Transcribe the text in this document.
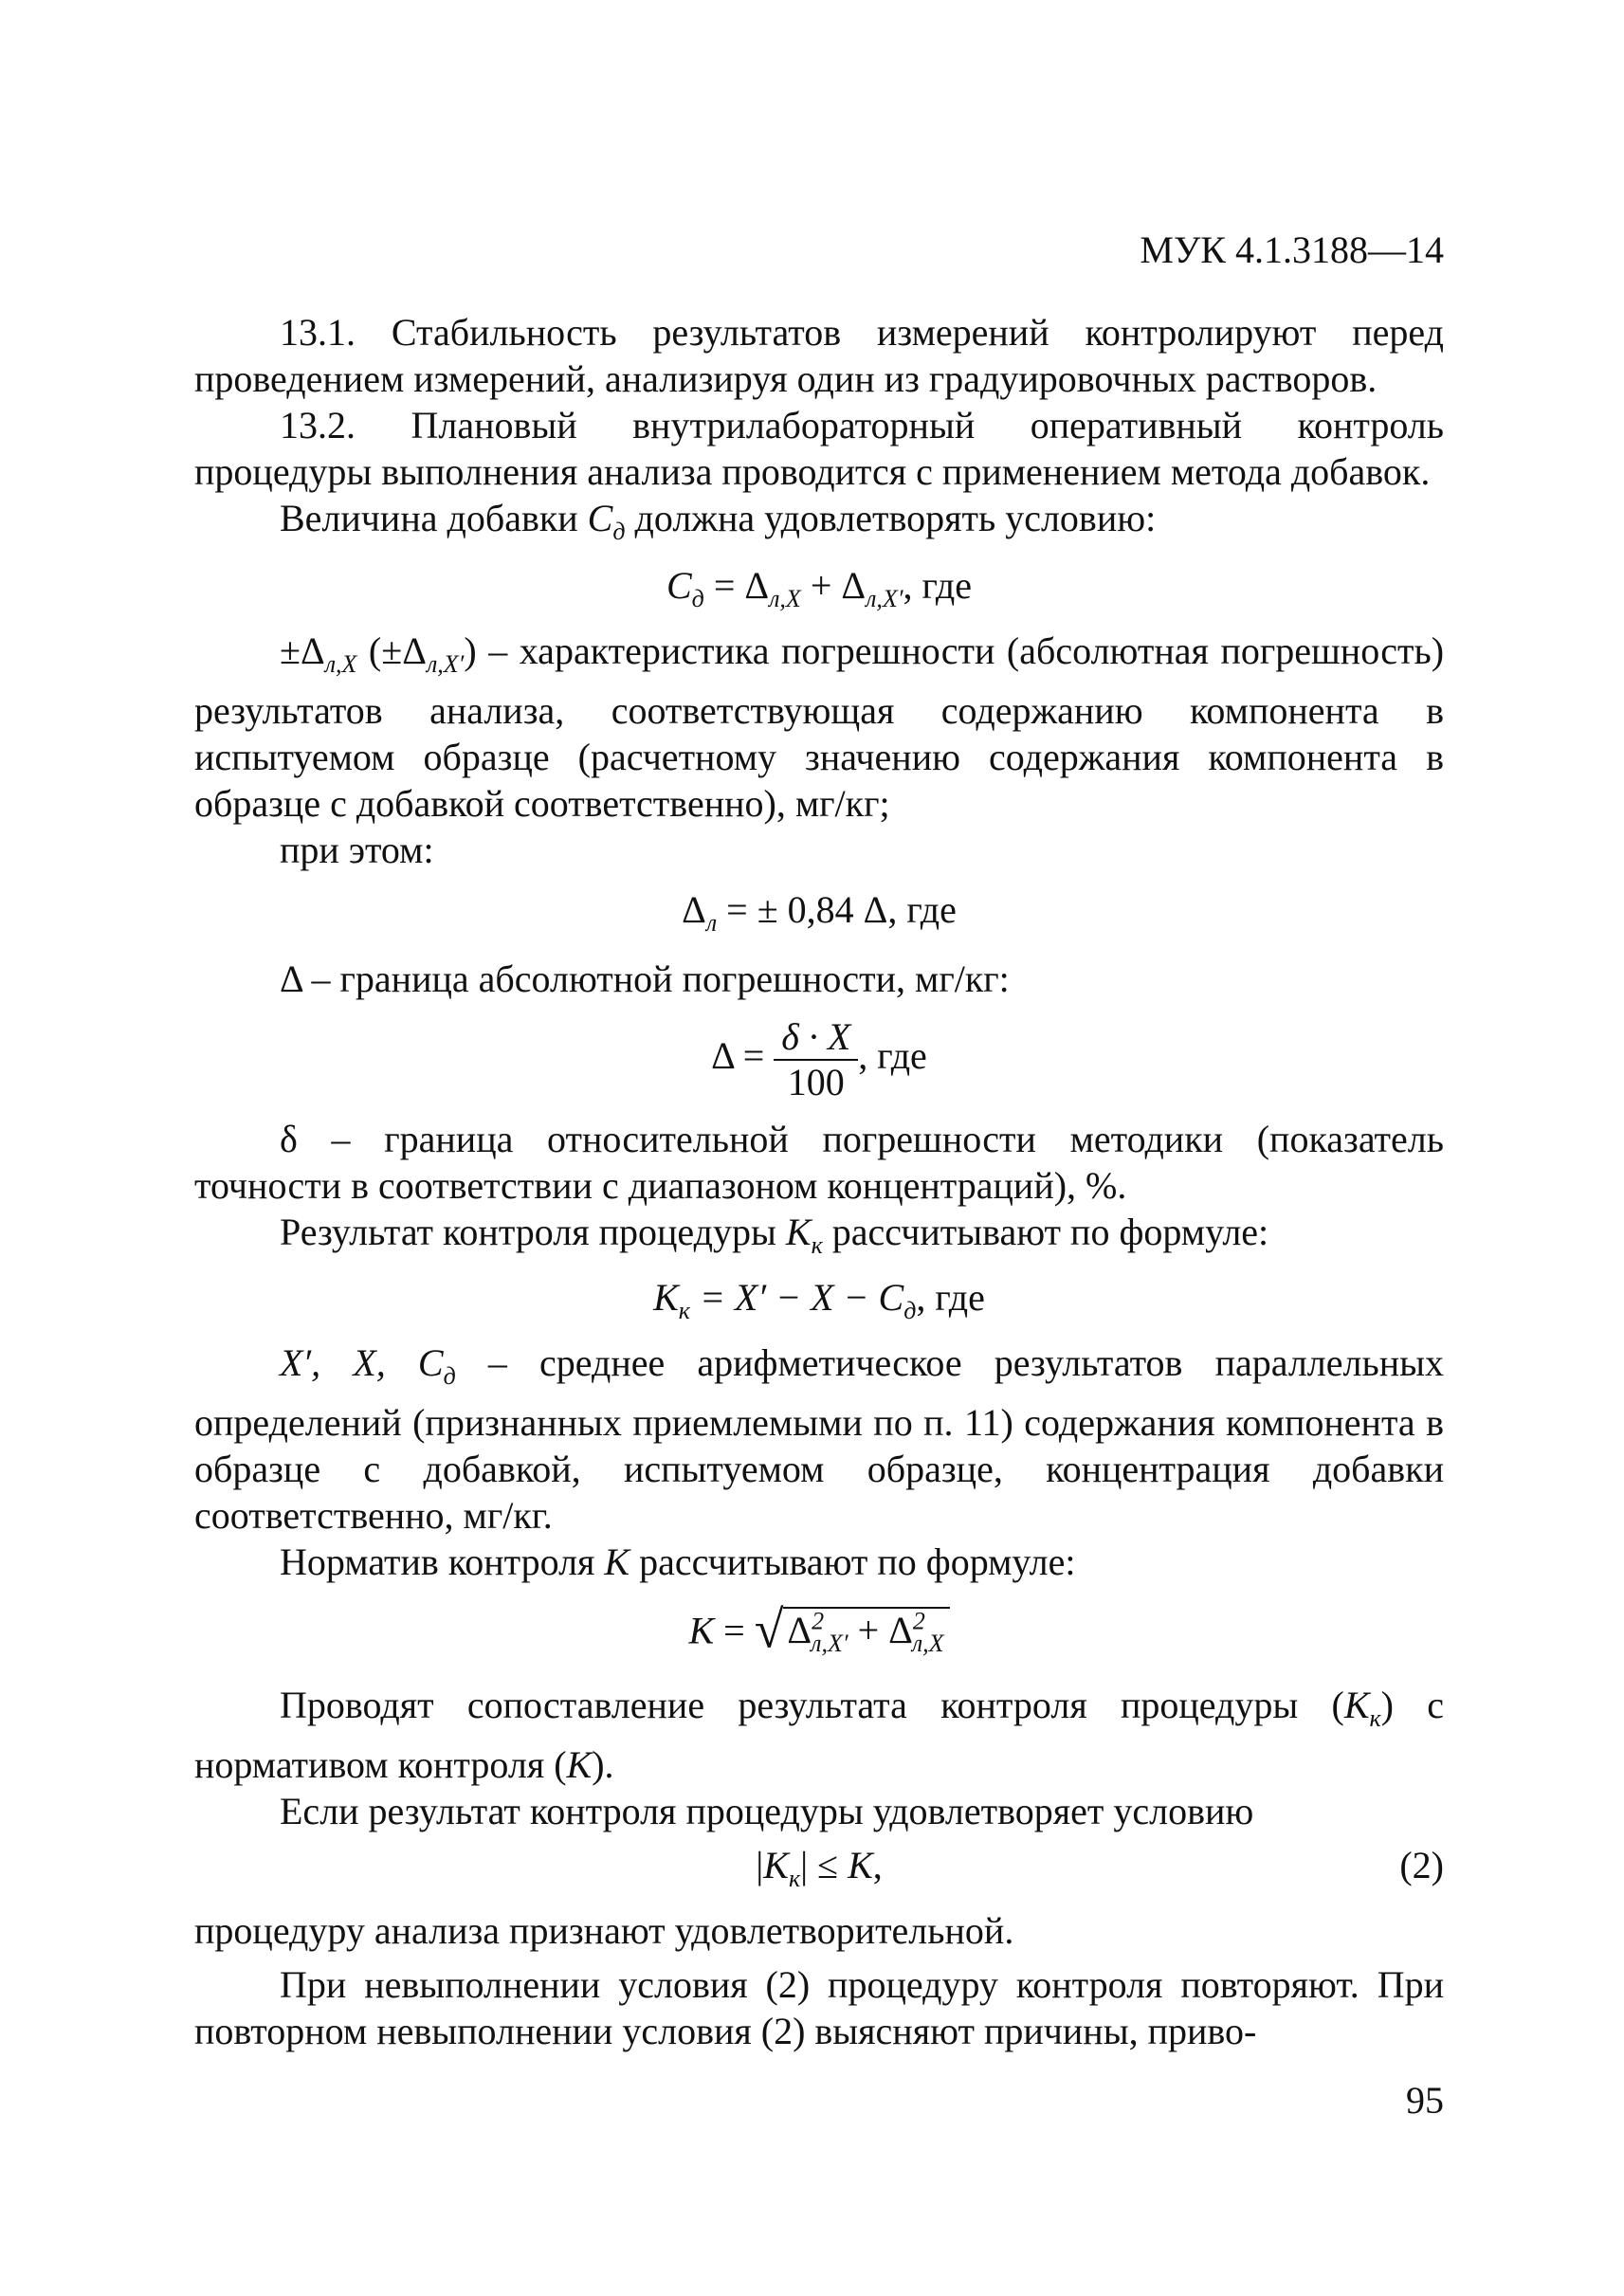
МУК 4.1.3188—14

13.1. Стабильность результатов измерений контролируют перед проведением измерений, анализируя один из градуировочных растворов.

13.2. Плановый внутрилабораторный оперативный контроль процедуры выполнения анализа проводится с применением метода добавок.

Величина добавки $C_д$ должна удовлетворять условию:

$C_д = \Delta_{л,X} + \Delta_{л,X'}$, где

$\pm\Delta_{л,X}$ $(\pm\Delta_{л,X'})$ – характеристика погрешности (абсолютная погрешность) результатов анализа, соответствующая содержанию компонента в испытуемом образце (расчетному значению содержания компонента в образце с добавкой соответственно), мг/кг;

при этом:

$\Delta_л$ = ± 0,84 Δ, где

Δ – граница абсолютной погрешности, мг/кг:

$\Delta = \frac{\delta \cdot X}{100}$ , где

δ – граница относительной погрешности методики (показатель точности в соответствии с диапазоном концентраций), %.

Результат контроля процедуры $K_к$ рассчитывают по формуле:

$K_к = X' - X - C_д$, где

X′, X, $C_д$ – среднее арифметическое результатов параллельных определений (признанных приемлемыми по п. 11) содержания компонента в образце с добавкой, испытуемом образце, концентрация добавки соответственно, мг/кг.

Норматив контроля K рассчитывают по формуле:

K = √ $\Delta^2_{л,X'} + \Delta^2_{л,X}$

Проводят сопоставление результата контроля процедуры $(K_к)$ с нормативом контроля (K).

Если результат контроля процедуры удовлетворяет условию

$|K_к| \le K$,	(2)

процедуру анализа признают удовлетворительной.

При невыполнении условия (2) процедуру контроля повторяют. При повторном невыполнении условия (2) выясняют причины, приво-

95
